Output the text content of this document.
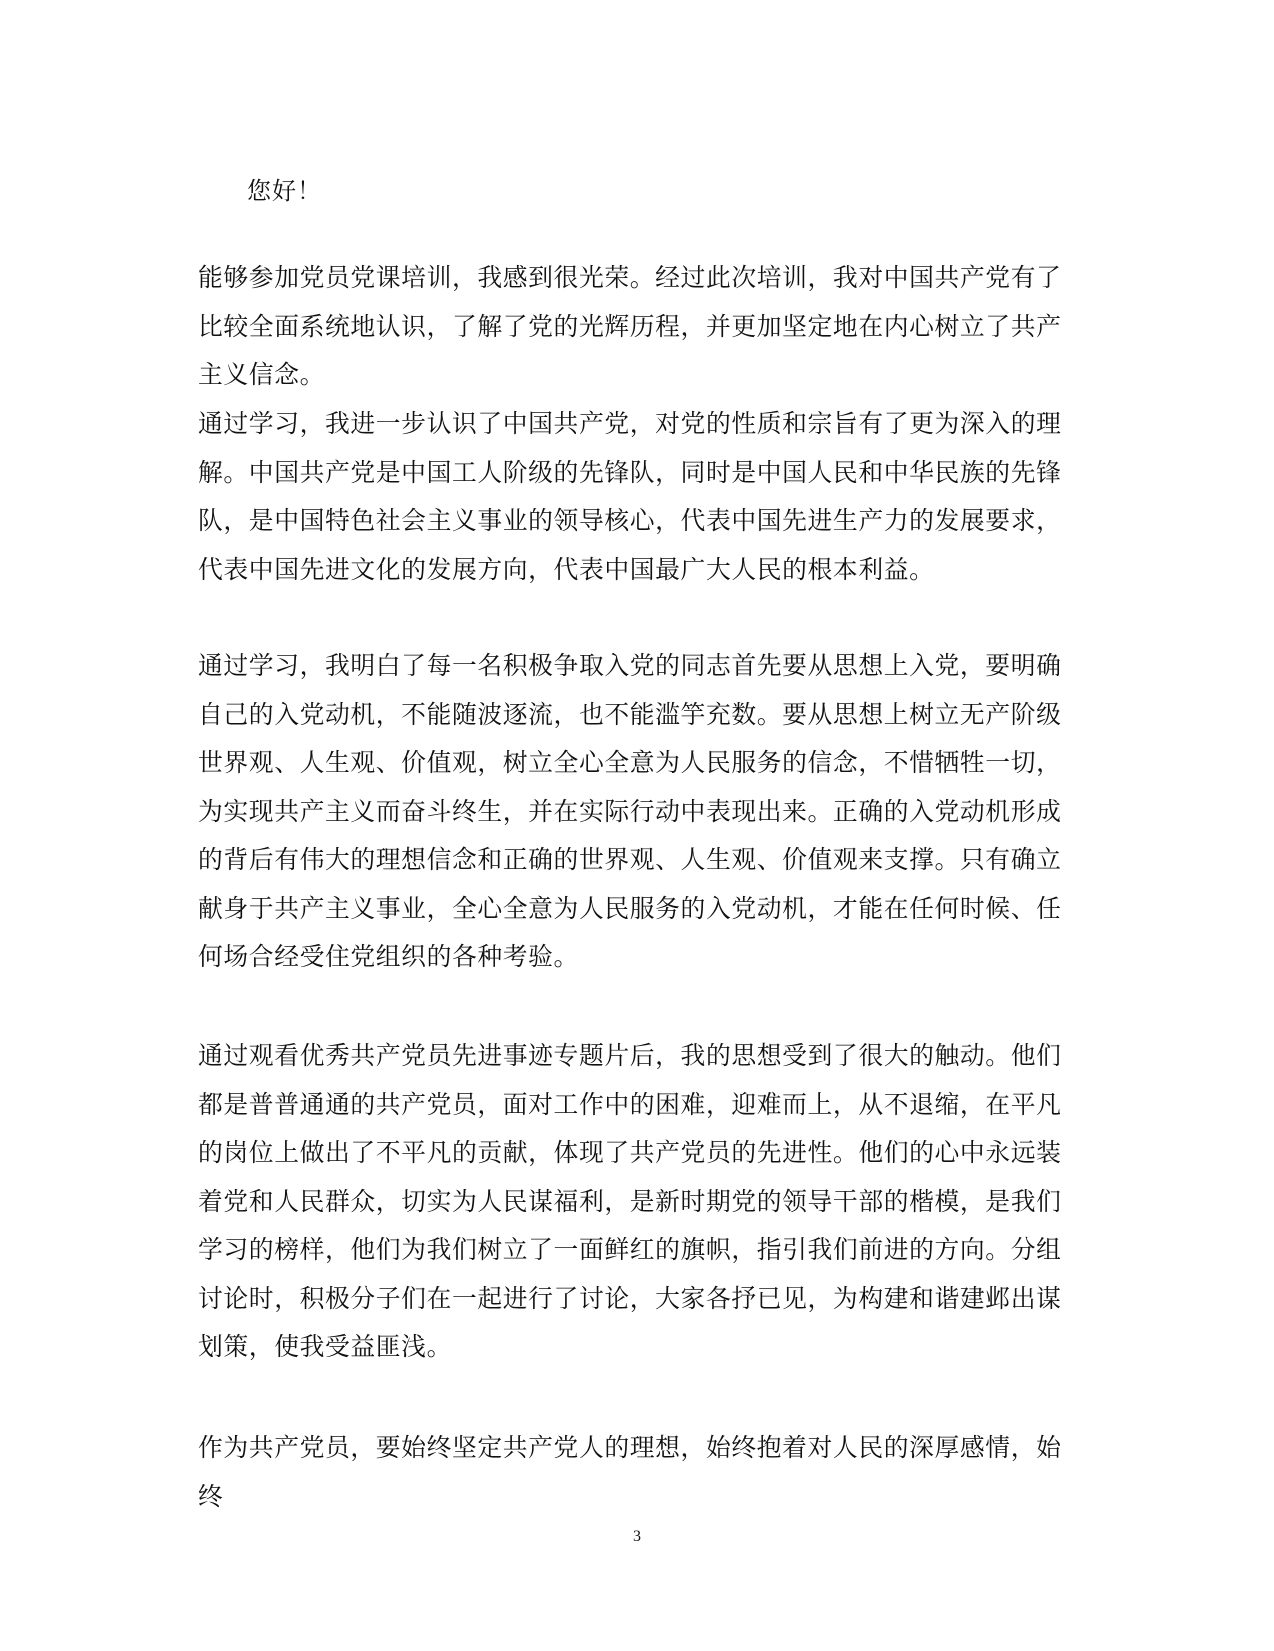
您好！

能够参加党员党课培训，我感到很光荣。经过此次培训，我对中国共产党有了比较全面系统地认识，了解了党的光辉历程，并更加坚定地在内心树立了共产主义信念。

通过学习，我进一步认识了中国共产党，对党的性质和宗旨有了更为深入的理解。中国共产党是中国工人阶级的先锋队，同时是中国人民和中华民族的先锋队，是中国特色社会主义事业的领导核心，代表中国先进生产力的发展要求，代表中国先进文化的发展方向，代表中国最广大人民的根本利益。

通过学习，我明白了每一名积极争取入党的同志首先要从思想上入党，要明确自己的入党动机，不能随波逐流，也不能滥竽充数。要从思想上树立无产阶级世界观、人生观、价值观，树立全心全意为人民服务的信念，不惜牺牲一切，为实现共产主义而奋斗终生，并在实际行动中表现出来。正确的入党动机形成的背后有伟大的理想信念和正确的世界观、人生观、价值观来支撑。只有确立献身于共产主义事业，全心全意为人民服务的入党动机，才能在任何时候、任何场合经受住党组织的各种考验。

通过观看优秀共产党员先进事迹专题片后，我的思想受到了很大的触动。他们都是普普通通的共产党员，面对工作中的困难，迎难而上，从不退缩，在平凡的岗位上做出了不平凡的贡献，体现了共产党员的先进性。他们的心中永远装着党和人民群众，切实为人民谋福利，是新时期党的领导干部的楷模，是我们学习的榜样，他们为我们树立了一面鲜红的旗帜，指引我们前进的方向。分组讨论时，积极分子们在一起进行了讨论，大家各抒已见，为构建和谐建邺出谋划策，使我受益匪浅。

作为共产党员，要始终坚定共产党人的理想，始终抱着对人民的深厚感情，始终

3
